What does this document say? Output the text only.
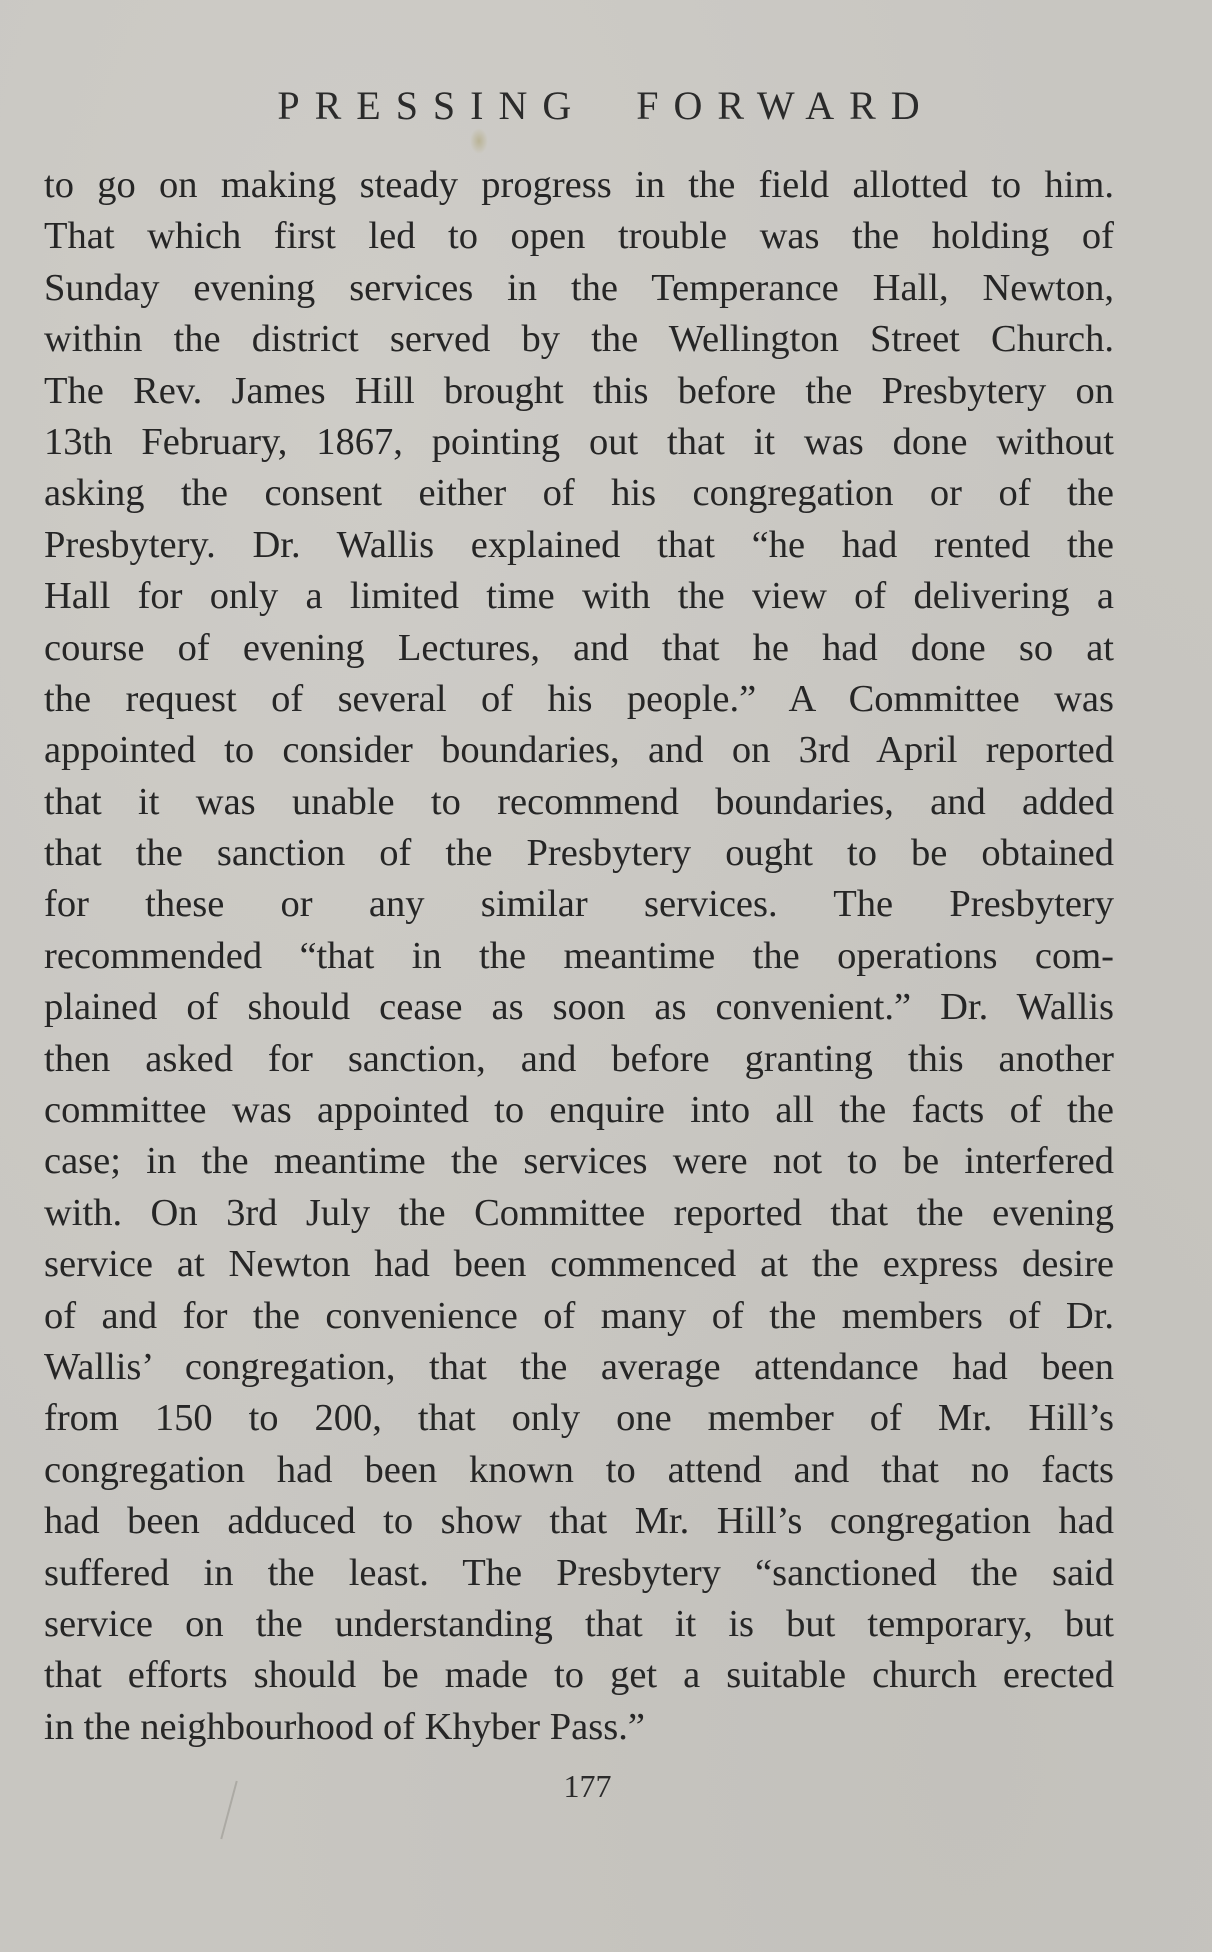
PRESSING  FORWARD
to go on making steady progress in the field allotted to him.
That which first led to open trouble was the holding of
Sunday evening services in the Temperance Hall, Newton,
within the district served by the Wellington Street Church.
The Rev. James Hill brought this before the Presbytery on
13th February, 1867, pointing out that it was done without
asking the consent either of his congregation or of the
Presbytery. Dr. Wallis explained that “he had rented the
Hall for only a limited time with the view of delivering a
course of evening Lectures, and that he had done so at
the request of several of his people.” A Committee was
appointed to consider boundaries, and on 3rd April reported
that it was unable to recommend boundaries, and added
that the sanction of the Presbytery ought to be obtained
for these or any similar services. The Presbytery
recommended “that in the meantime the operations com-
plained of should cease as soon as convenient.” Dr. Wallis
then asked for sanction, and before granting this another
committee was appointed to enquire into all the facts of the
case; in the meantime the services were not to be interfered
with. On 3rd July the Committee reported that the evening
service at Newton had been commenced at the express desire
of and for the convenience of many of the members of Dr.
Wallis’ congregation, that the average attendance had been
from 150 to 200, that only one member of Mr. Hill’s
congregation had been known to attend and that no facts
had been adduced to show that Mr. Hill’s congregation had
suffered in the least. The Presbytery “sanctioned the said
service on the understanding that it is but temporary, but
that efforts should be made to get a suitable church erected
in the neighbourhood of Khyber Pass.”
177
